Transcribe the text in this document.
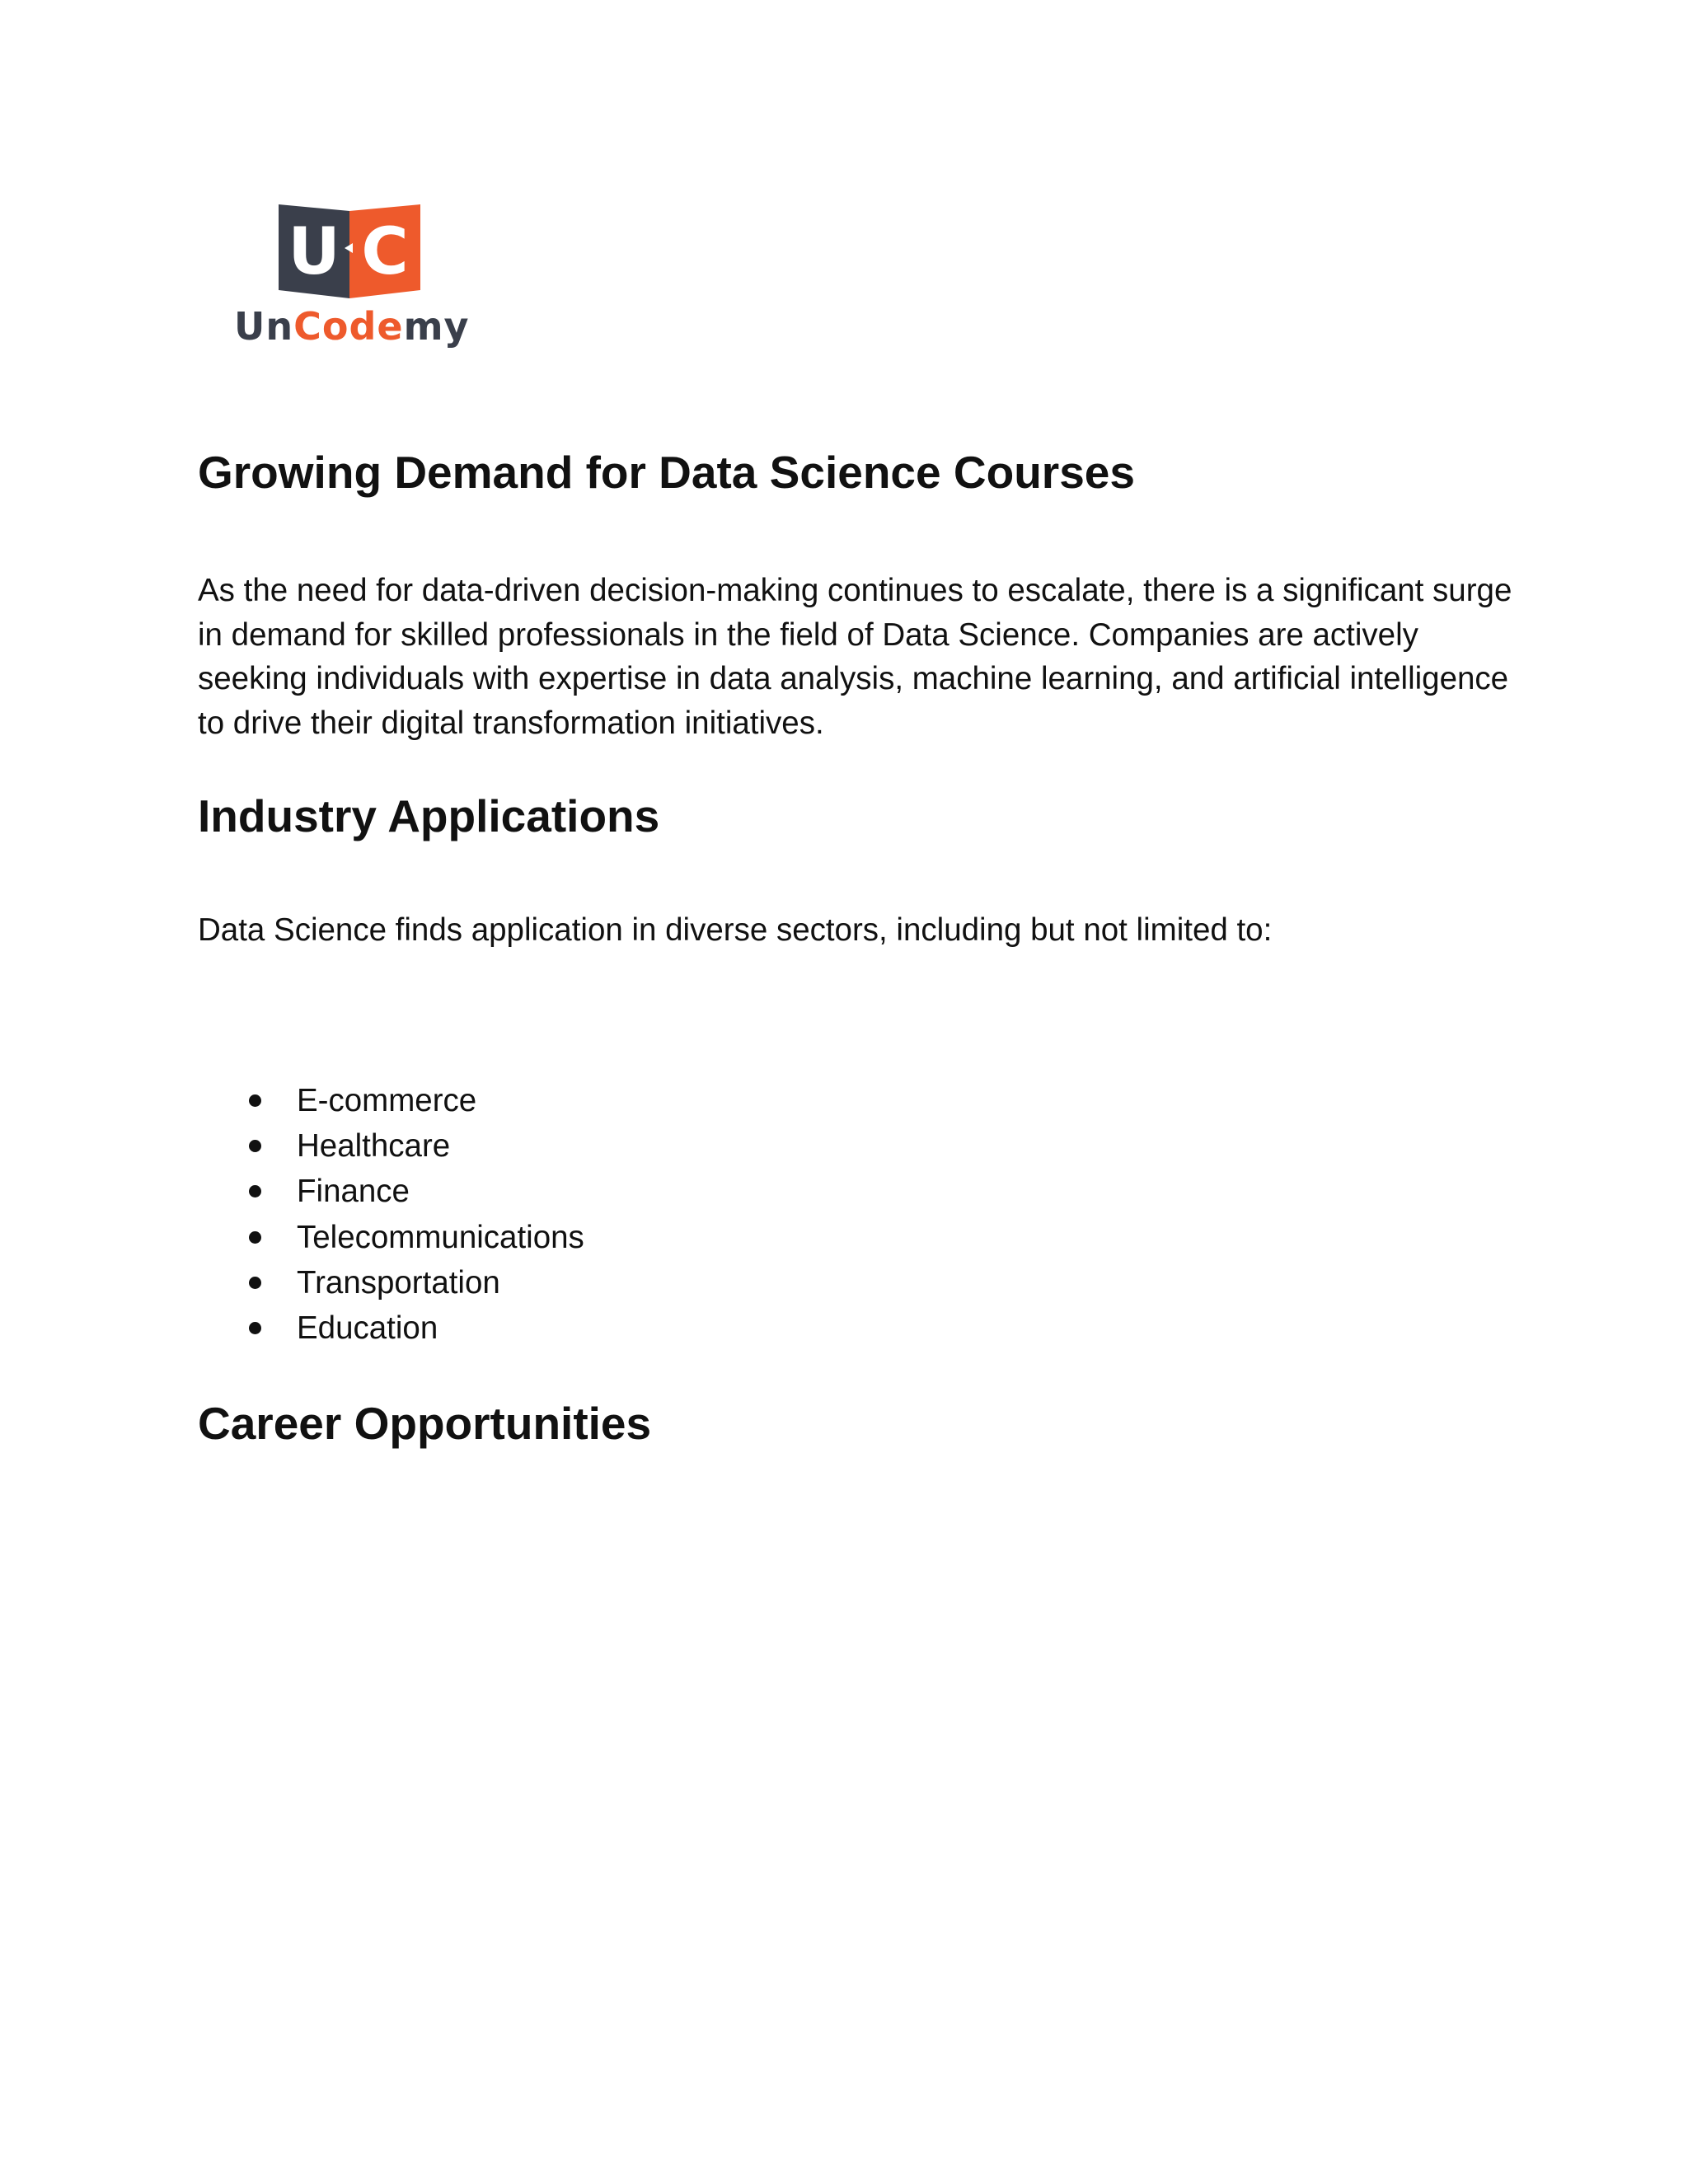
U C
UnCodemy
Growing Demand for Data Science Courses

As the need for data-driven decision-making continues to escalate, there is a significant surge in demand for skilled professionals in the field of Data Science. Companies are actively seeking individuals with expertise in data analysis, machine learning, and artificial intelligence to drive their digital transformation initiatives.

Industry Applications

Data Science finds application in diverse sectors, including but not limited to:

E-commerce
Healthcare
Finance
Telecommunications
Transportation
Education
Career Opportunities
